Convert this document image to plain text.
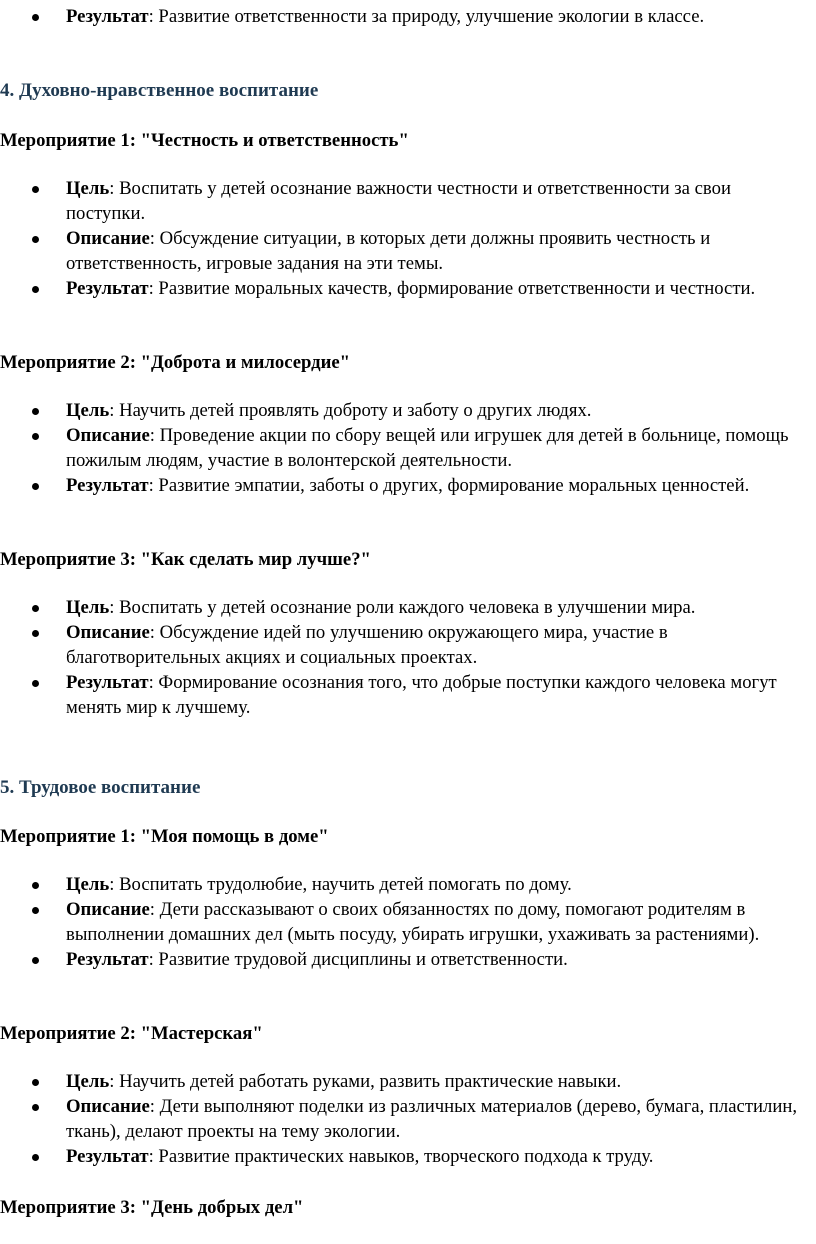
Результат: Развитие ответственности за природу, улучшение экологии в классе.
4. Духовно-нравственное воспитание
Мероприятие 1: "Честность и ответственность"
Цель: Воспитать у детей осознание важности честности и ответственности за свои поступки.
Описание: Обсуждение ситуации, в которых дети должны проявить честность и ответственность, игровые задания на эти темы.
Результат: Развитие моральных качеств, формирование ответственности и честности.
Мероприятие 2: "Доброта и милосердие"
Цель: Научить детей проявлять доброту и заботу о других людях.
Описание: Проведение акции по сбору вещей или игрушек для детей в больнице, помощь пожилым людям, участие в волонтерской деятельности.
Результат: Развитие эмпатии, заботы о других, формирование моральных ценностей.
Мероприятие 3: "Как сделать мир лучше?"
Цель: Воспитать у детей осознание роли каждого человека в улучшении мира.
Описание: Обсуждение идей по улучшению окружающего мира, участие в благотворительных акциях и социальных проектах.
Результат: Формирование осознания того, что добрые поступки каждого человека могут менять мир к лучшему.
5. Трудовое воспитание
Мероприятие 1: "Моя помощь в доме"
Цель: Воспитать трудолюбие, научить детей помогать по дому.
Описание: Дети рассказывают о своих обязанностях по дому, помогают родителям в выполнении домашних дел (мыть посуду, убирать игрушки, ухаживать за растениями).
Результат: Развитие трудовой дисциплины и ответственности.
Мероприятие 2: "Мастерская"
Цель: Научить детей работать руками, развить практические навыки.
Описание: Дети выполняют поделки из различных материалов (дерево, бумага, пластилин, ткань), делают проекты на тему экологии.
Результат: Развитие практических навыков, творческого подхода к труду.
Мероприятие 3: "День добрых дел"
